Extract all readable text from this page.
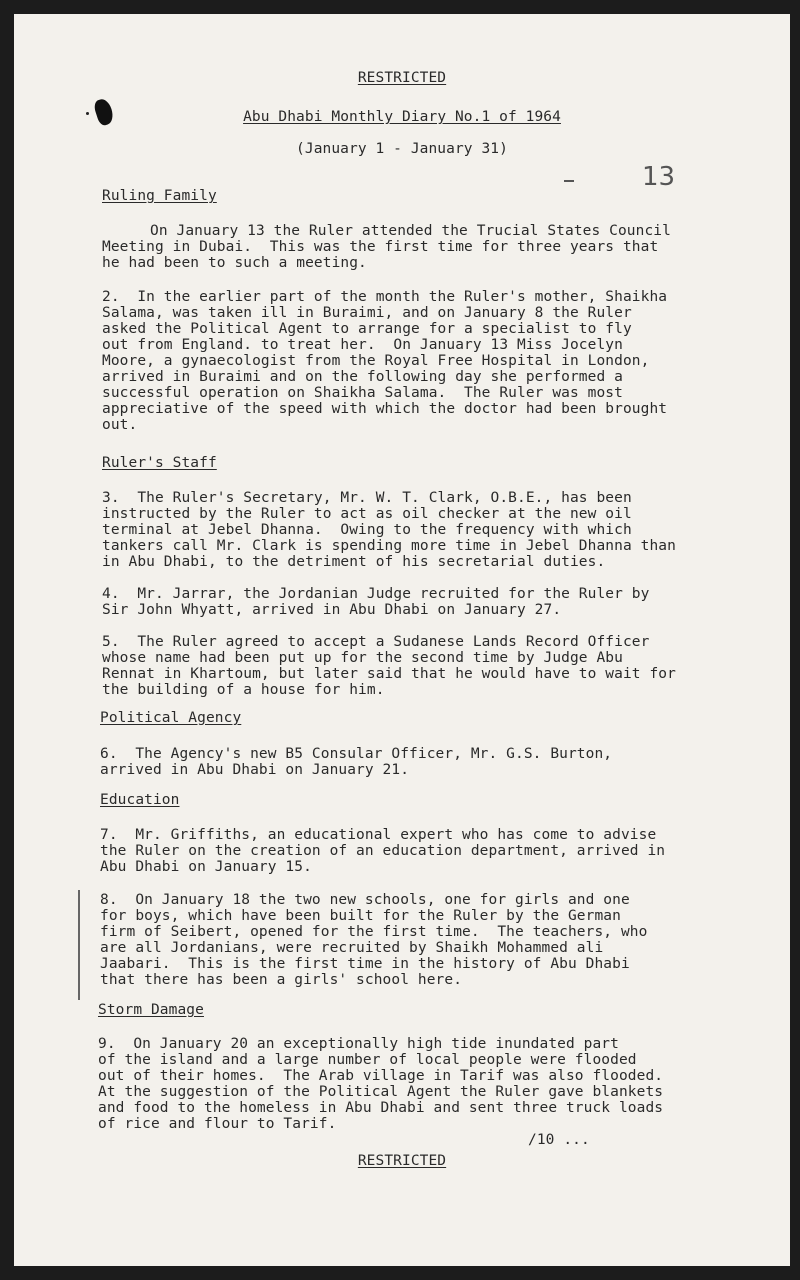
RESTRICTED
Abu Dhabi Monthly Diary No.1 of 1964
(January 1 - January 31)
13
Ruling Family
On January 13 the Ruler attended the Trucial States Council
Meeting in Dubai.  This was the first time for three years that
he had been to such a meeting.
2.  In the earlier part of the month the Ruler's mother, Shaikha
Salama, was taken ill in Buraimi, and on January 8 the Ruler
asked the Political Agent to arrange for a specialist to fly
out from England. to treat her.  On January 13 Miss Jocelyn
Moore, a gynaecologist from the Royal Free Hospital in London,
arrived in Buraimi and on the following day she performed a
successful operation on Shaikha Salama.  The Ruler was most
appreciative of the speed with which the doctor had been brought
out.
Ruler's Staff
3.  The Ruler's Secretary, Mr. W. T. Clark, O.B.E., has been
instructed by the Ruler to act as oil checker at the new oil
terminal at Jebel Dhanna.  Owing to the frequency with which
tankers call Mr. Clark is spending more time in Jebel Dhanna than
in Abu Dhabi, to the detriment of his secretarial duties.
4.  Mr. Jarrar, the Jordanian Judge recruited for the Ruler by
Sir John Whyatt, arrived in Abu Dhabi on January 27.
5.  The Ruler agreed to accept a Sudanese Lands Record Officer
whose name had been put up for the second time by Judge Abu
Rennat in Khartoum, but later said that he would have to wait for
the building of a house for him.
Political Agency
6.  The Agency's new B5 Consular Officer, Mr. G.S. Burton,
arrived in Abu Dhabi on January 21.
Education
7.  Mr. Griffiths, an educational expert who has come to advise
the Ruler on the creation of an education department, arrived in
Abu Dhabi on January 15.
8.  On January 18 the two new schools, one for girls and one
for boys, which have been built for the Ruler by the German
firm of Seibert, opened for the first time.  The teachers, who
are all Jordanians, were recruited by Shaikh Mohammed ali
Jaabari.  This is the first time in the history of Abu Dhabi
that there has been a girls' school here.
Storm Damage
9.  On January 20 an exceptionally high tide inundated part
of the island and a large number of local people were flooded
out of their homes.  The Arab village in Tarif was also flooded.
At the suggestion of the Political Agent the Ruler gave blankets
and food to the homeless in Abu Dhabi and sent three truck loads
of rice and flour to Tarif.
/10 ...
RESTRICTED
